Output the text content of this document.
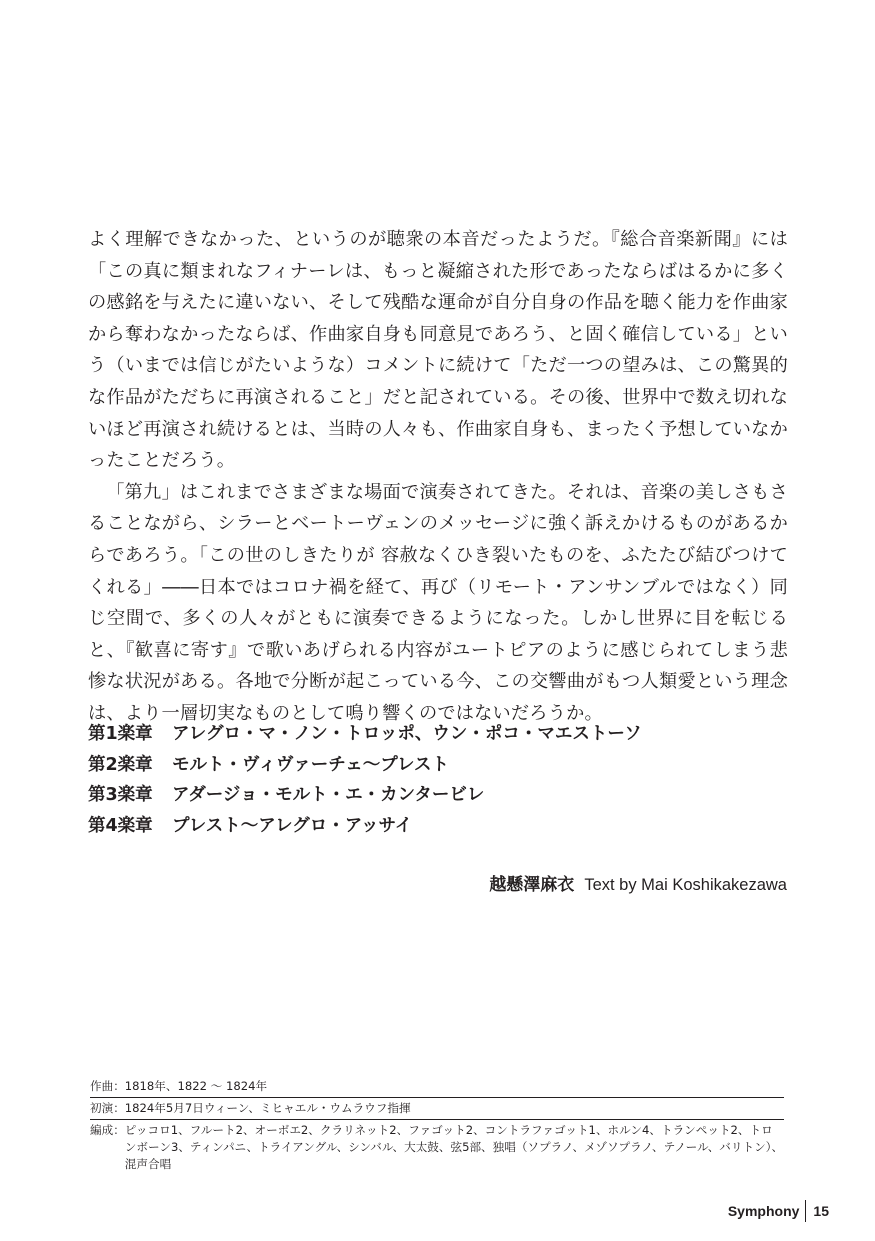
よく理解できなかった、というのが聴衆の本音だったようだ。『総合音楽新聞』には「この真に類まれなフィナーレは、もっと凝縮された形であったならばはるかに多くの感銘を与えたに違いない、そして残酷な運命が自分自身の作品を聴く能力を作曲家から奪わなかったならば、作曲家自身も同意見であろう、と固く確信している」という（いまでは信じがたいような）コメントに続けて「ただ一つの望みは、この驚異的な作品がただちに再演されること」だと記されている。その後、世界中で数え切れないほど再演され続けるとは、当時の人々も、作曲家自身も、まったく予想していなかったことだろう。

「第九」はこれまでさまざまな場面で演奏されてきた。それは、音楽の美しさもさることながら、シラーとベートーヴェンのメッセージに強く訴えかけるものがあるからであろう。「この世のしきたりが 容赦なくひき裂いたものを、ふたたび結びつけてくれる」――日本ではコロナ禍を経て、再び（リモート・アンサンブルではなく）同じ空間で、多くの人々がともに演奏できるようになった。しかし世界に目を転じると、『歓喜に寄す』で歌いあげられる内容がユートピアのように感じられてしまう悲惨な状況がある。各地で分断が起こっている今、この交響曲がもつ人類愛という理念は、より一層切実なものとして鳴り響くのではないだろうか。

第1楽章 アレグロ・マ・ノン・トロッポ、ウン・ポコ・マエストーソ
第2楽章 モルト・ヴィヴァーチェ～プレスト
第3楽章 アダージョ・モルト・エ・カンタービレ
第4楽章 プレスト～アレグロ・アッサイ
越懸澤麻衣 Text by Mai Koshikakezawa
作曲：1818年、1822 ～ 1824年
初演：1824年5月7日ウィーン、ミヒャエル・ウムラウフ指揮
編成： ピッコロ1、フルート2、オーボエ2、クラリネット2、ファゴット2、コントラファゴット1、ホルン4、トランペット2、トロンボーン3、ティンパニ、トライアングル、シンバル、大太鼓、弦5部、独唱（ソプラノ、メゾソプラノ、テノール、バリトン）、混声合唱
Symphony 15
